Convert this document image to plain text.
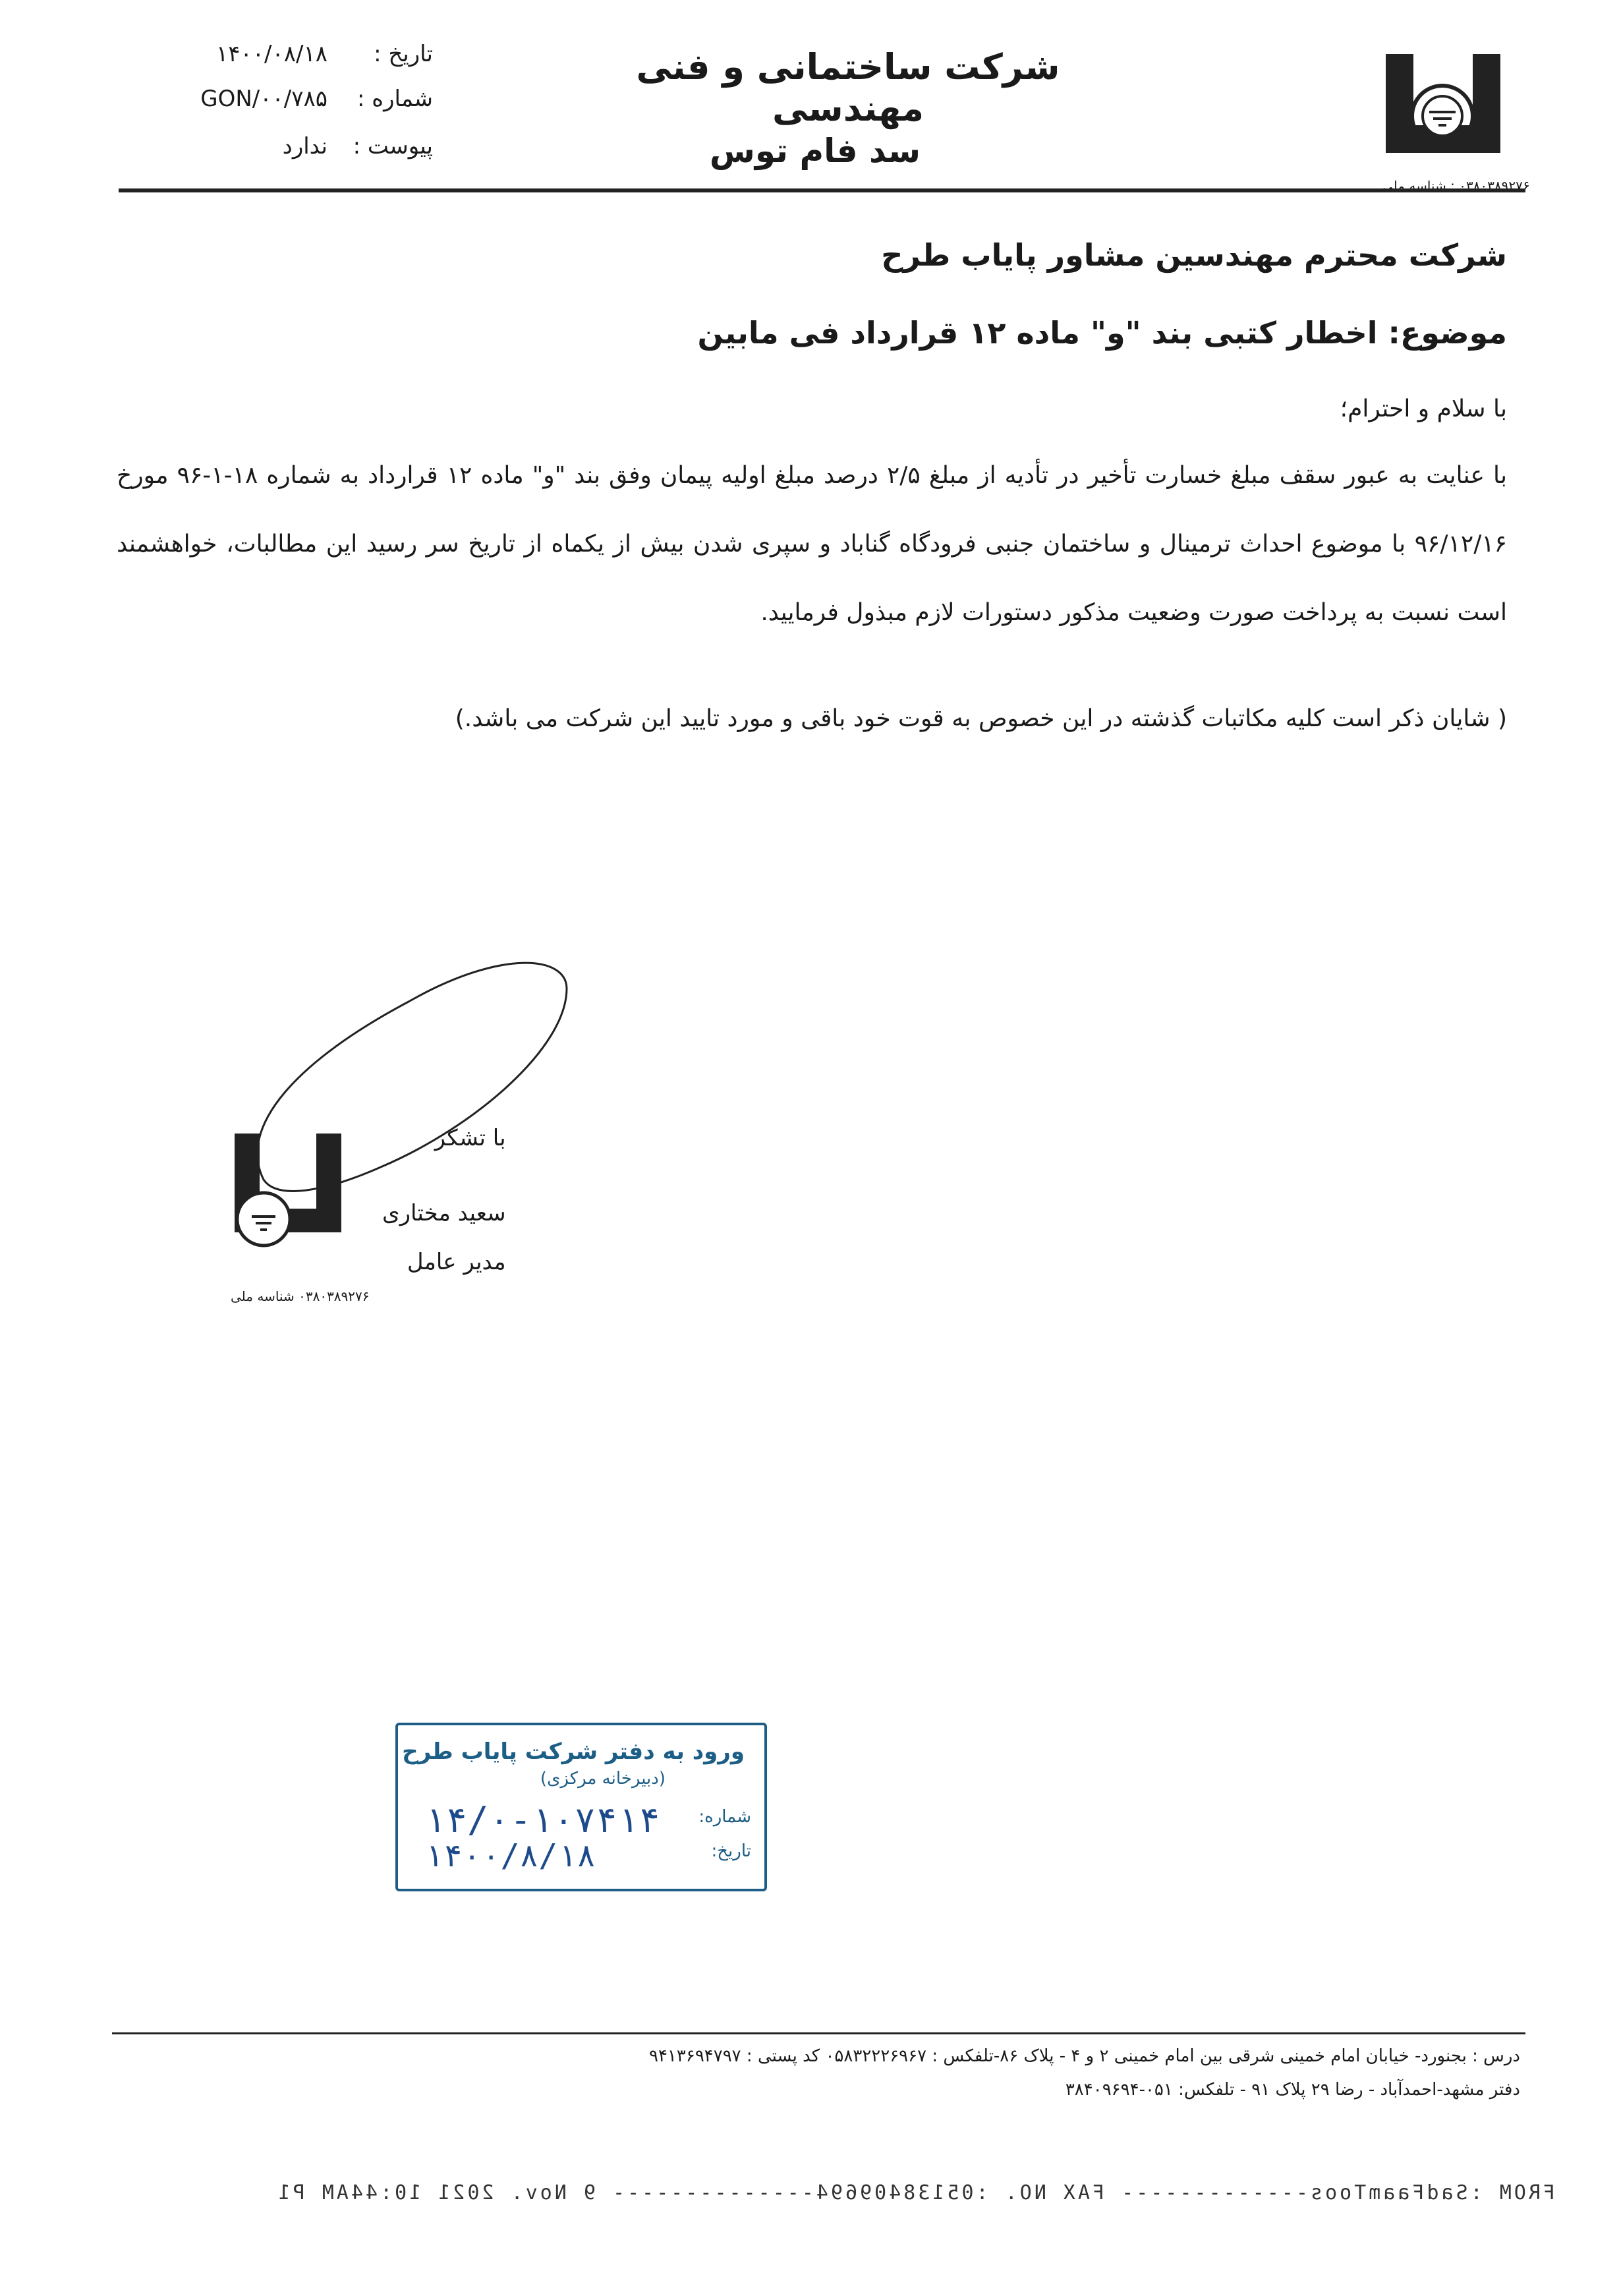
۰۳۸۰۳۸۹۲۷۶ : شناسه ملی
شرکت ساختمانی و فنی مهندسی
سد فام توس
تاریخ :
۱۴۰۰/۰۸/۱۸
شماره :
GON/۰۰/۷۸۵
پیوست :
ندارد
شرکت محترم مهندسین مشاور پایاب طرح
موضوع: اخطار کتبی بند "و" ماده ۱۲ قرارداد فی مابین
با سلام و احترام؛
با عنایت به عبور سقف مبلغ خسارت تأخیر در تأدیه از مبلغ ۲/۵ درصد مبلغ اولیه پیمان وفق بند "و" ماده ۱۲ قرارداد به شماره ۱۸-۱-۹۶ مورخ ۹۶/۱۲/۱۶ با موضوع احداث ترمینال و ساختمان جنبی فرودگاه گناباد و سپری شدن بیش از یکماه از تاریخ سر رسید این مطالبات، خواهشمند است نسبت به پرداخت صورت وضعیت مذکور دستورات لازم مبذول فرمایید.
( شایان ذکر است کلیه مکاتبات گذشته در این خصوص به قوت خود باقی و مورد تایید این شرکت می باشد.)
۰۳۸۰۳۸۹۲۷۶ شناسه ملی
با تشکر
سعید مختاری
مدیر عامل
ورود به دفتر شرکت پایاب طرح
(دبیرخانه مرکزی)
شماره:
تاریخ:
۱۴/۰-۱۰۷۴۱۴
۱۴۰۰/۸/۱۸
درس : بجنورد- خیابان امام خمینی شرقی بین امام خمینی ۲ و ۴ - پلاک ۸۶-تلفکس : ۰۵۸۳۲۲۲۶۹۶۷ کد پستی : ۹۴۱۳۶۹۴۷۹۷
دفتر مشهد-احمدآباد - رضا ۲۹ پلاک ۹۱ - تلفکس: ۰۵۱-۳۸۴۰۹۶۹۴
FROM :SadFaamToos------------- FAX NO. :05138409694-------------- 9 Nov. 2021 10:44AM P1
